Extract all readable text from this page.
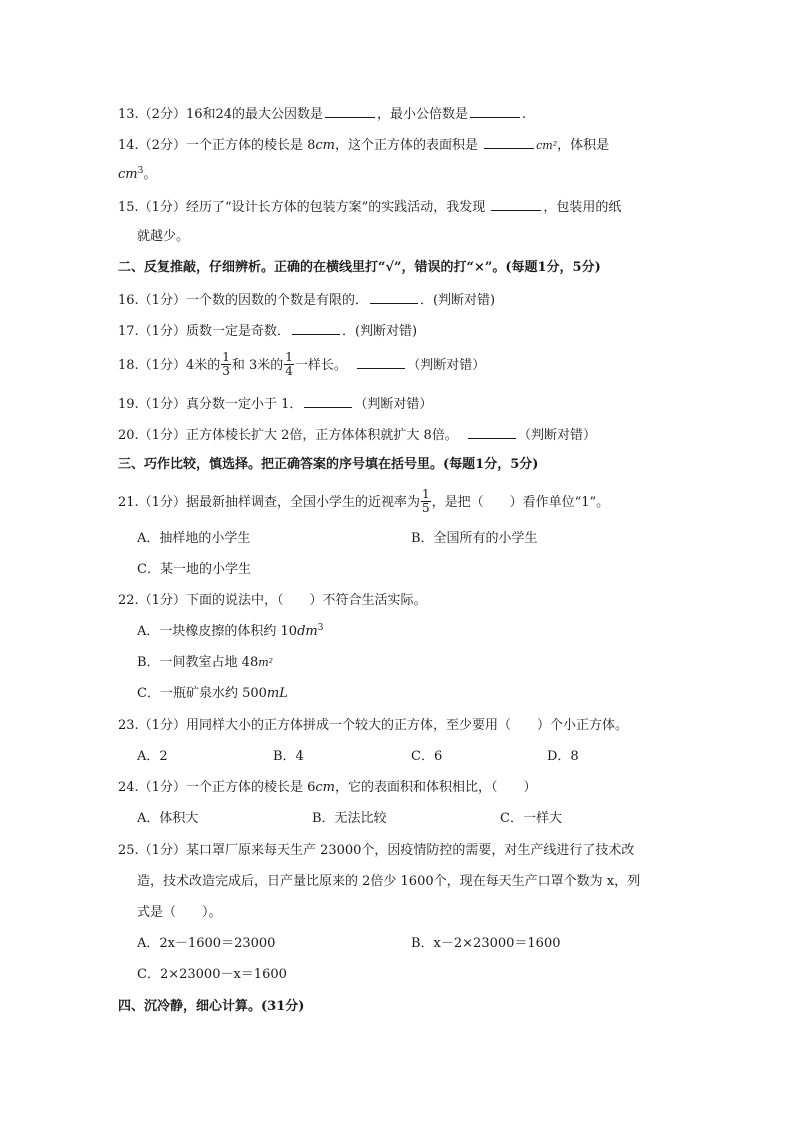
13.（2分）16和24的最大公因数是	，最小公倍数是	.
14.（2分）一个正方体的棱长是 8cm，这个正方体的表面积是	cm²，体积是
$cm^3$。
15.（1分）经历了“设计长方体的包装方案”的实践活动，我发现	，包装用的纸
就越少。
二、反复推敲，仔细辨析。正确的在横线里打“√”，错误的打“×”。(每题1分，5分)
16.（1分）一个数的因数的个数是有限的．	．(判断对错)
17.（1分）质数一定是奇数．	．(判断对错)
18.（1分）4米的 $\frac{1}{3}$ 和 3米的 $\frac{1}{4}$ 一样长。	（判断对错）
19.（1分）真分数一定小于 1．	（判断对错）
20.（1分）正方体棱长扩大 2倍，正方体体积就扩大 8倍。	（判断对错）
三、巧作比较，慎选择。把正确答案的序号填在括号里。(每题1分，5分)
21.（1分）据最新抽样调查，全国小学生的近视率为 $\frac{1}{5}$ ，是把（　　）看作单位“1”。
A．抽样地的小学生	B．全国所有的小学生
C．某一地的小学生
22.（1分）下面的说法中，（　　）不符合生活实际。
A．一块橡皮擦的体积约 $10dm^3$
B．一间教室占地 48m²
C．一瓶矿泉水约 500mL
23.（1分）用同样大小的正方体拼成一个较大的正方体，至少要用（　　）个小正方体。
A．2	B．4	C．6	D．8
24.（1分）一个正方体的棱长是 6cm，它的表面积和体积相比，（　　）
A．体积大	B．无法比较	C．一样大
25.（1分）某口罩厂原来每天生产 23000个，因疫情防控的需要，对生产线进行了技术改
造，技术改造完成后，日产量比原来的 2倍少 1600个，现在每天生产口罩个数为 x，列
式是（　　）。
A．2x－1600＝23000	B．x－2×23000＝1600
C．2×23000－x＝1600
四、沉冷静，细心计算。(31分)
